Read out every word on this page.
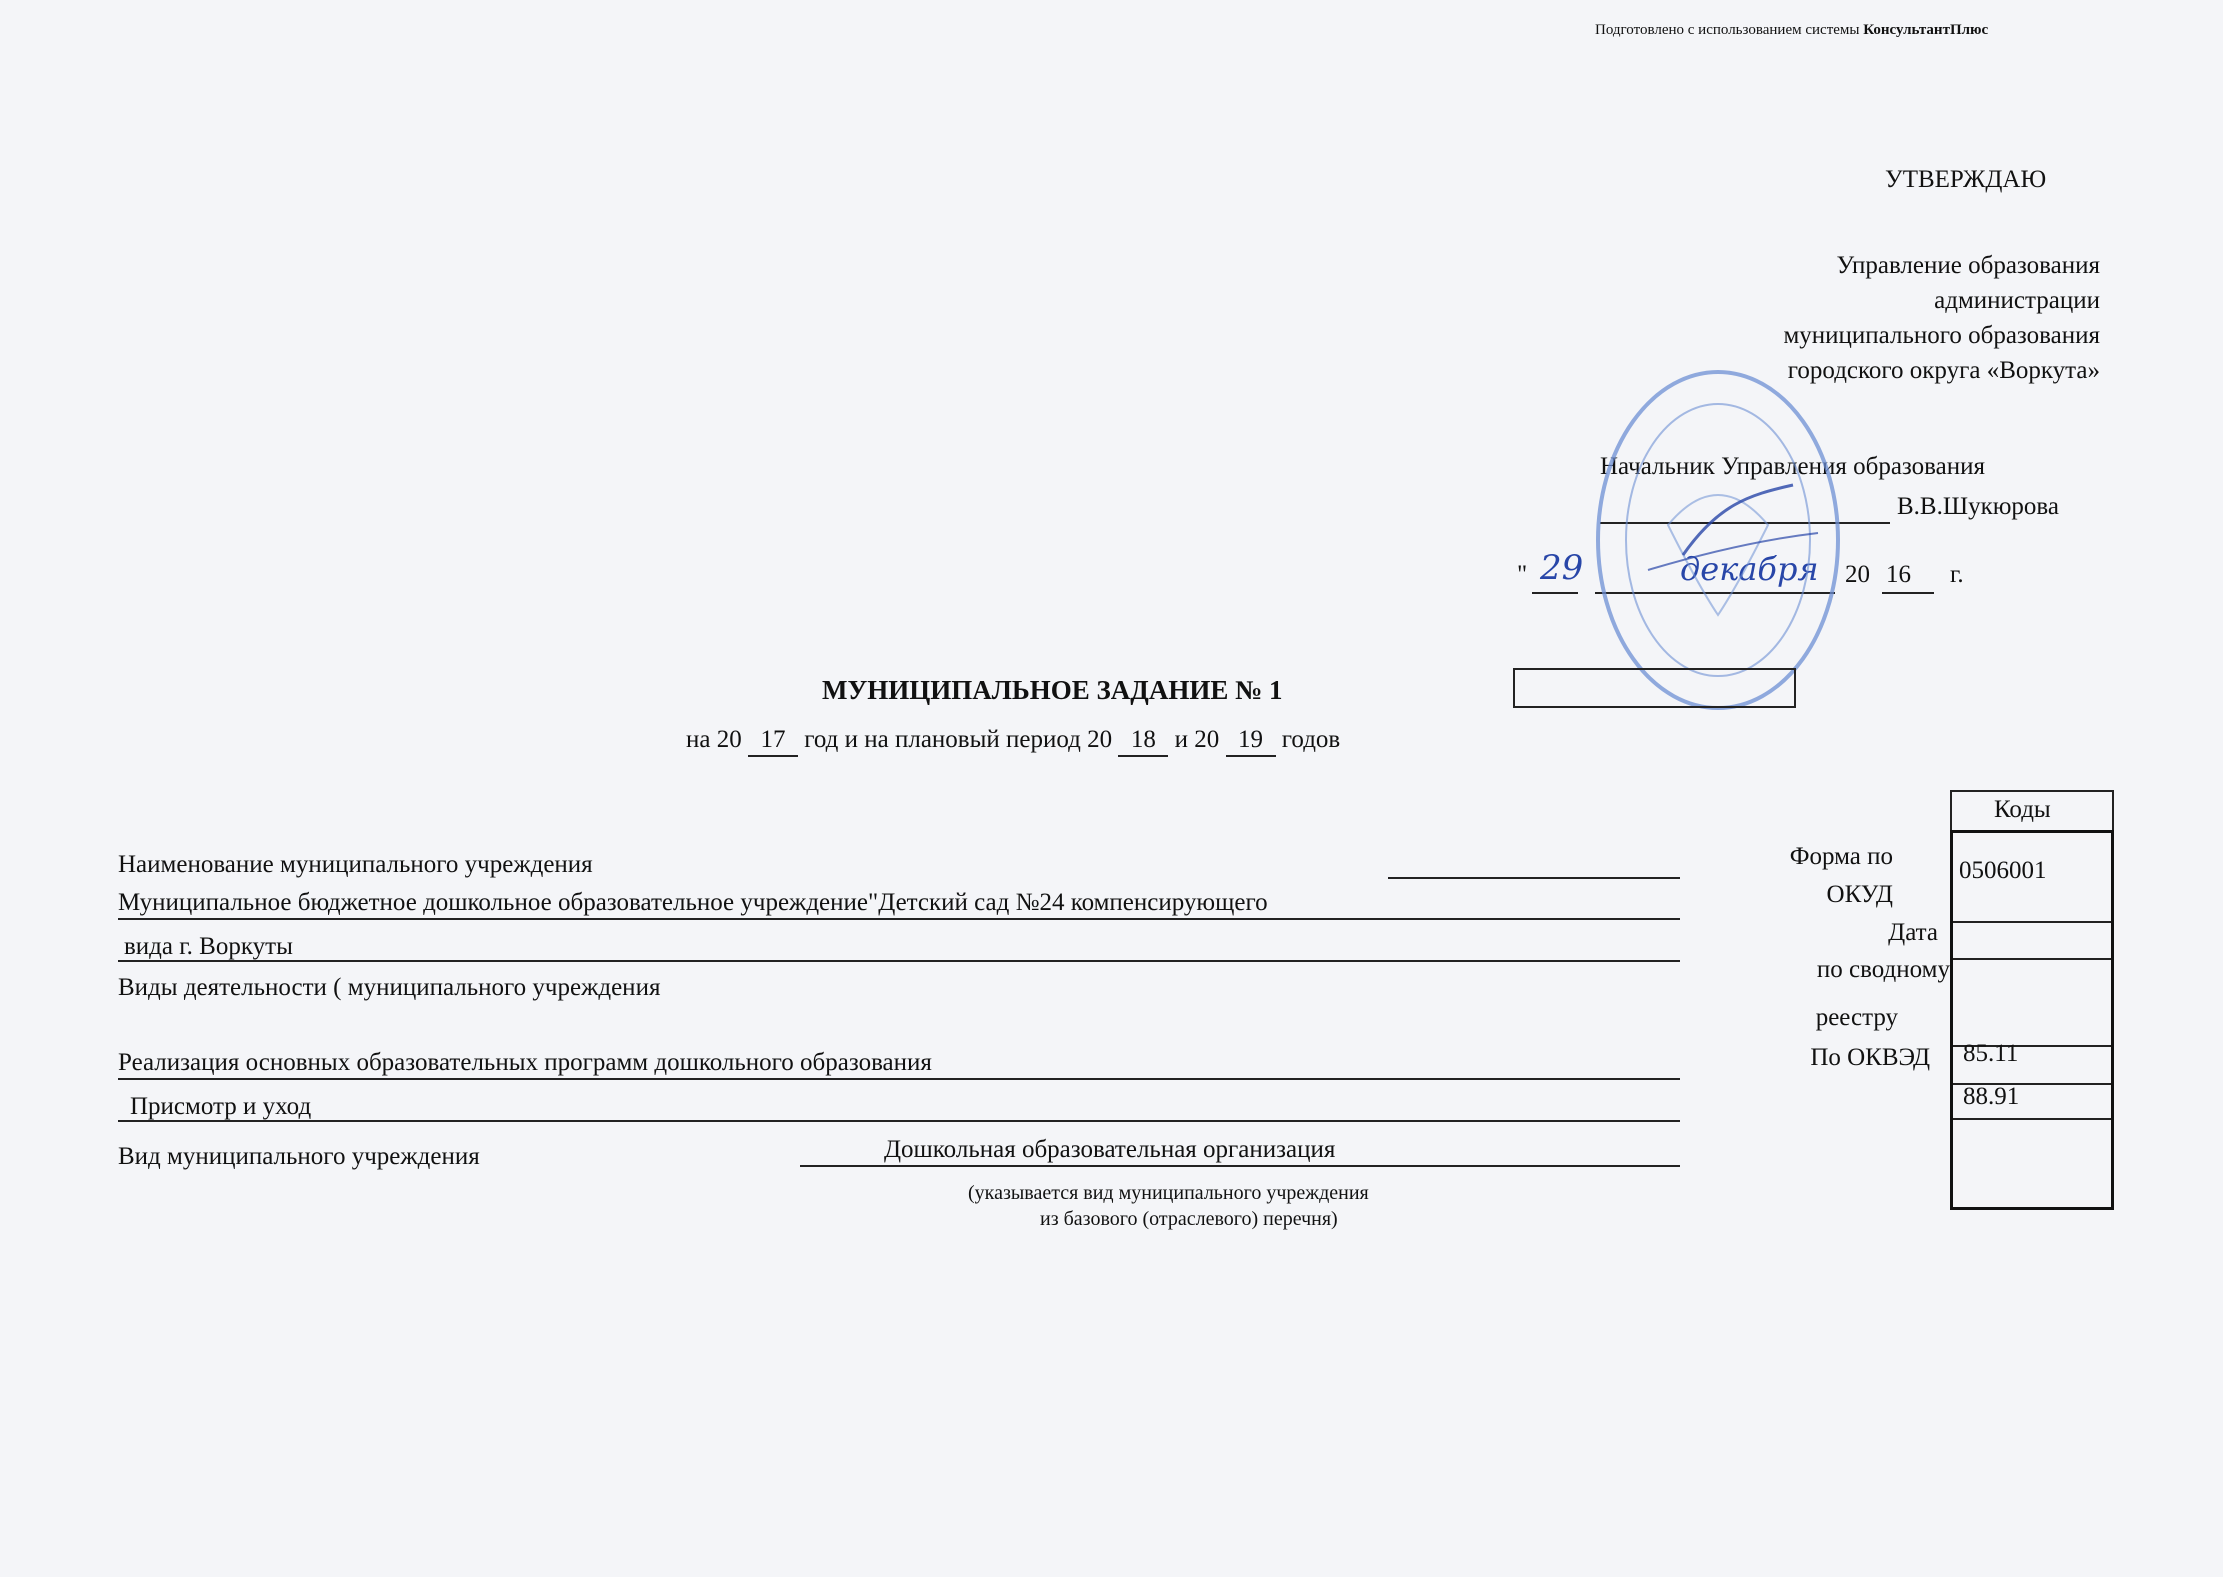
Подготовлено с использованием системы КонсультантПлюс
УТВЕРЖДАЮ
Управление образования
администрации
муниципального образования
городского округа «Воркута»
Начальник Управления образования
В.В.Шукюрова
" 29	декабря 20 16 г.
МУНИЦИПАЛЬНОЕ ЗАДАНИЕ № 1
на 20 17 год и на плановый период 20 18 и 20 19 годов
Наименование муниципального учреждения
Муниципальное бюджетное дошкольное образовательное учреждение"Детский сад №24 компенсирующего
вида г. Воркуты
Виды деятельности ( муниципального учреждения
Реализация основных образовательных программ дошкольного образования
Присмотр и уход
Вид муниципального учреждения	Дошкольная образовательная организация
(указывается вид муниципального учреждения
из базового (отраслевого) перечня)
Форма по
ОКУД
Дата
по сводному
реестру
По ОКВЭД
Коды
0506001
85.11
88.91
